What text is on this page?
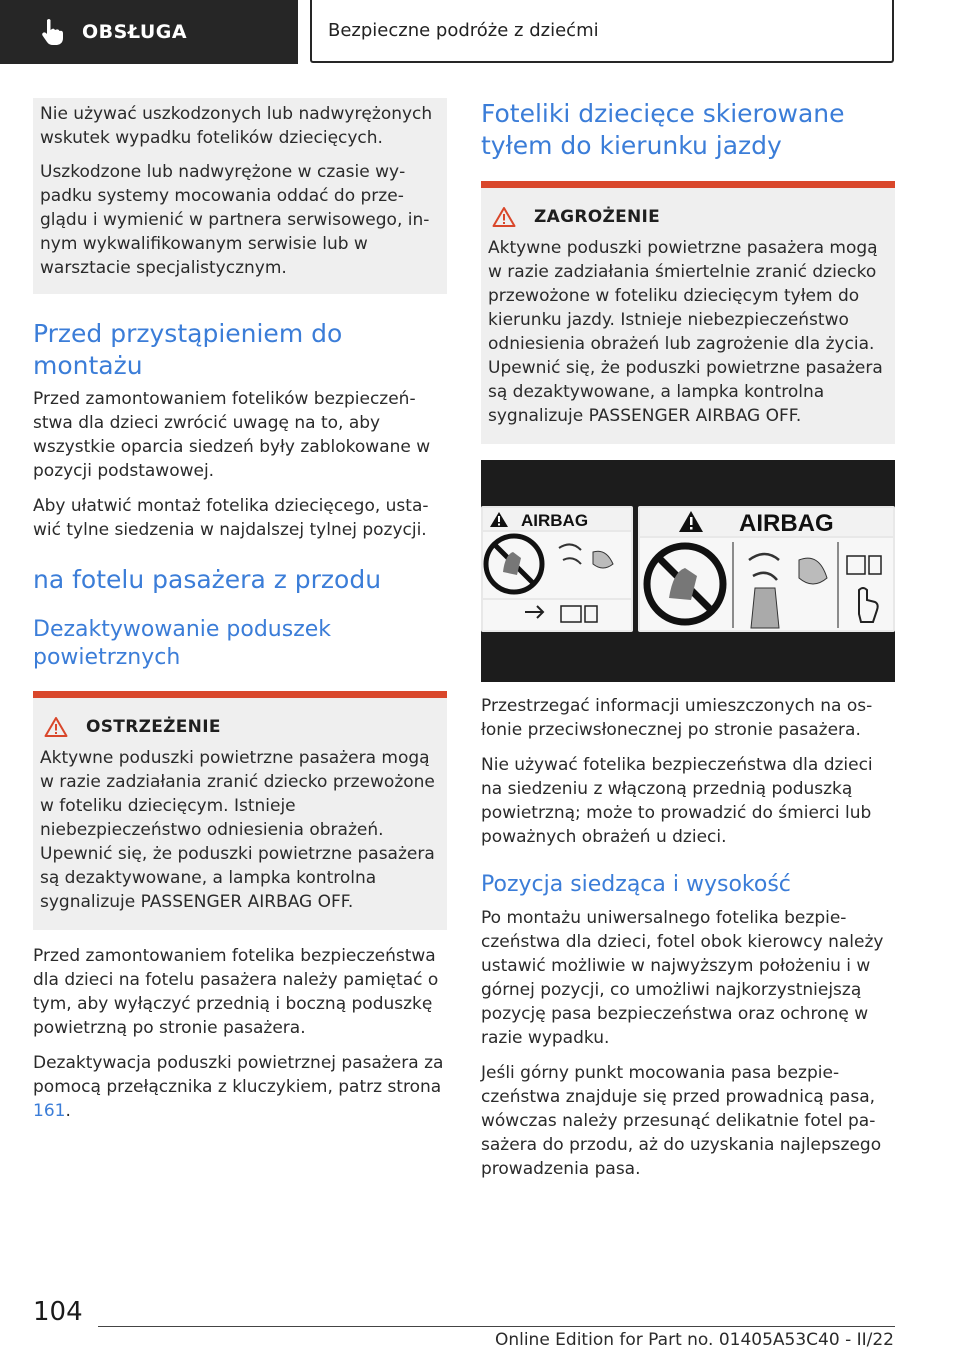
OBSŁUGA	Bezpieczne podróże z dziećmi

Nie używać uszkodzonych lub nadwyrężonych wskutek wypadku fotelików dziecięcych.

Uszkodzone lub nadwyrężone w czasie wypadku systemy mocowania oddać do przeglądu i wymienić w partnera serwisowego, innym wykwalifikowanym serwisie lub w warsztacie specjalistycznym.

Przed przystąpieniem do montażu

Przed zamontowaniem fotelików bezpieczeństwa dla dzieci zwrócić uwagę na to, aby wszystkie oparcia siedzeń były zablokowane w pozycji podstawowej.

Aby ułatwić montaż fotelika dziecięcego, ustawić tylne siedzenia w najdalszej tylnej pozycji.

na fotelu pasażera z przodu
Dezaktywowanie poduszek powietrznych
OSTRZEŻENIE

Aktywne poduszki powietrzne pasażera mogą w razie zadziałania zranić dziecko przewożone w foteliku dziecięcym. Istnieje niebezpieczeństwo odniesienia obrażeń. Upewnić się, że poduszki powietrzne pasażera są dezaktywowane, a lampka kontrolna sygnalizuje PASSENGER AIRBAG OFF.

Przed zamontowaniem fotelika bezpieczeństwa dla dzieci na fotelu pasażera należy pamiętać o tym, aby wyłączyć przednią i boczną poduszkę powietrzną po stronie pasażera.

Dezaktywacja poduszki powietrznej pasażera za pomocą przełącznika z kluczykiem, patrz strona 161.

Foteliki dziecięce skierowane tyłem do kierunku jazdy
ZAGROŻENIE

Aktywne poduszki powietrzne pasażera mogą w razie zadziałania śmiertelnie zranić dziecko przewożone w foteliku dziecięcym tyłem do kierunku jazdy. Istnieje niebezpieczeństwo odniesienia obrażeń lub zagrożenie dla życia. Upewnić się, że poduszki powietrzne pasażera są dezaktywowane, a lampka kontrolna sygnalizuje PASSENGER AIRBAG OFF.

AIRBAG	AIRBAG

Przestrzegać informacji umieszczonych na osłonie przeciwsłonecznej po stronie pasażera.

Nie używać fotelika bezpieczeństwa dla dzieci na siedzeniu z włączoną przednią poduszką powietrzną; może to prowadzić do śmierci lub poważnych obrażeń u dzieci.

Pozycja siedząca i wysokość

Po montażu uniwersalnego fotelika bezpieczeństwa dla dzieci, fotel obok kierowcy należy ustawić możliwie w najwyższym położeniu i w górnej pozycji, co umożliwi najkorzystniejszą pozycję pasa bezpieczeństwa oraz ochronę w razie wypadku.

Jeśli górny punkt mocowania pasa bezpieczeństwa znajduje się przed prowadnicą pasa, wówczas należy przesunąć delikatnie fotel pasażera do przodu, aż do uzyskania najlepszego prowadzenia pasa.

104
Online Edition for Part no. 01405A53C40 - II/22
